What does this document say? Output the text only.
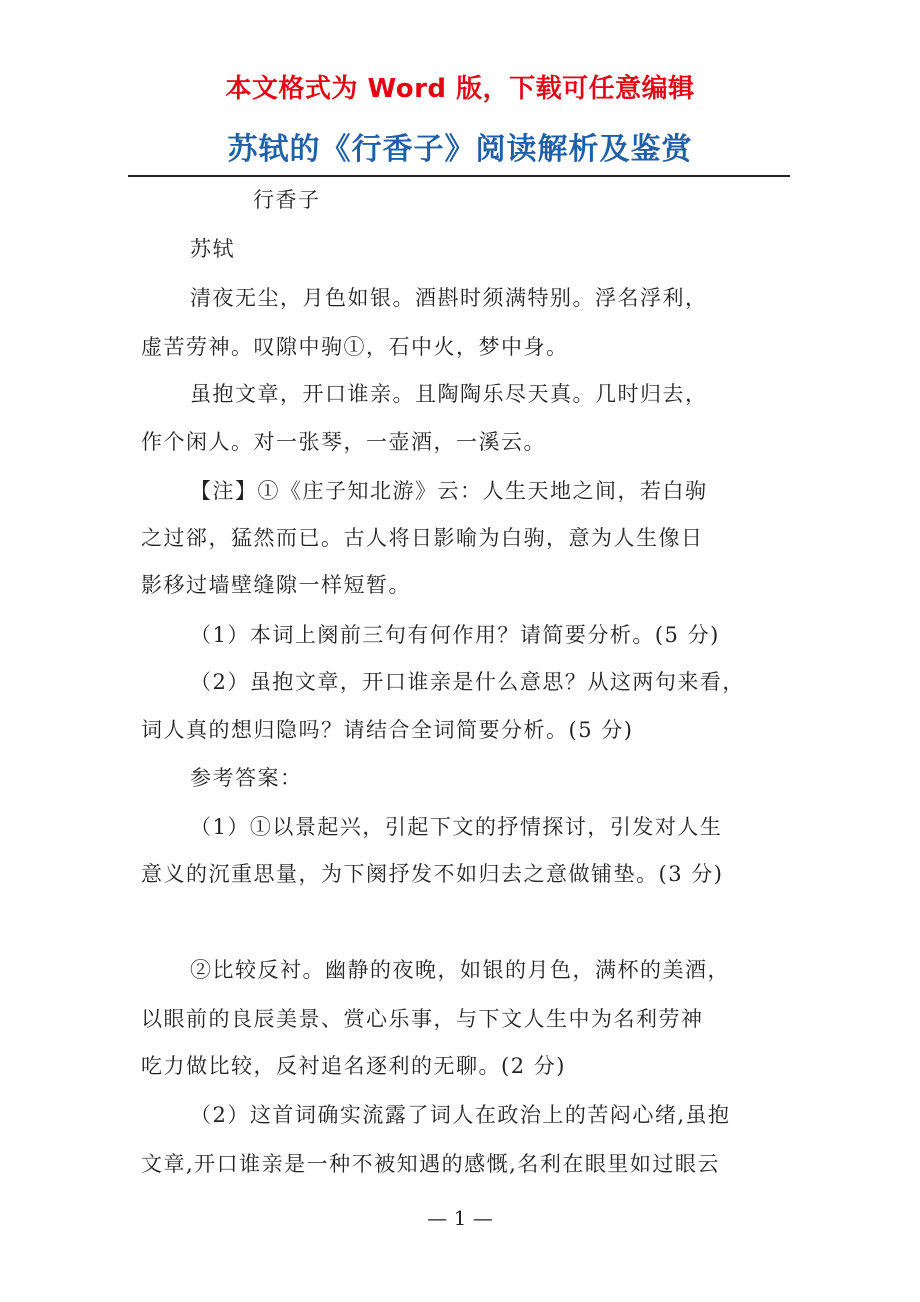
本文格式为 Word 版，下载可任意编辑
苏轼的《行香子》阅读解析及鉴赏
行香子
苏轼
清夜无尘，月色如银。酒斟时须满特别。浮名浮利，
虚苦劳神。叹隙中驹①，石中火，梦中身。
虽抱文章，开口谁亲。且陶陶乐尽天真。几时归去，
作个闲人。对一张琴，一壶酒，一溪云。
【注】①《庄子知北游》云：人生天地之间，若白驹
之过郤，猛然而已。古人将日影喻为白驹，意为人生像日
影移过墙壁缝隙一样短暂。
（1）本词上阕前三句有何作用？请简要分析。(5 分)
（2）虽抱文章，开口谁亲是什么意思？从这两句来看，
词人真的想归隐吗？请结合全词简要分析。(5 分)
参考答案：
（1）①以景起兴，引起下文的抒情探讨，引发对人生
意义的沉重思量，为下阕抒发不如归去之意做铺垫。(3 分)
②比较反衬。幽静的夜晚，如银的月色，满杯的美酒，
以眼前的良辰美景、赏心乐事，与下文人生中为名利劳神
吃力做比较，反衬追名逐利的无聊。(2 分)
（2）这首词确实流露了词人在政治上的苦闷心绪,虽抱
文章,开口谁亲是一种不被知遇的感慨,名利在眼里如过眼云
— 1 —
